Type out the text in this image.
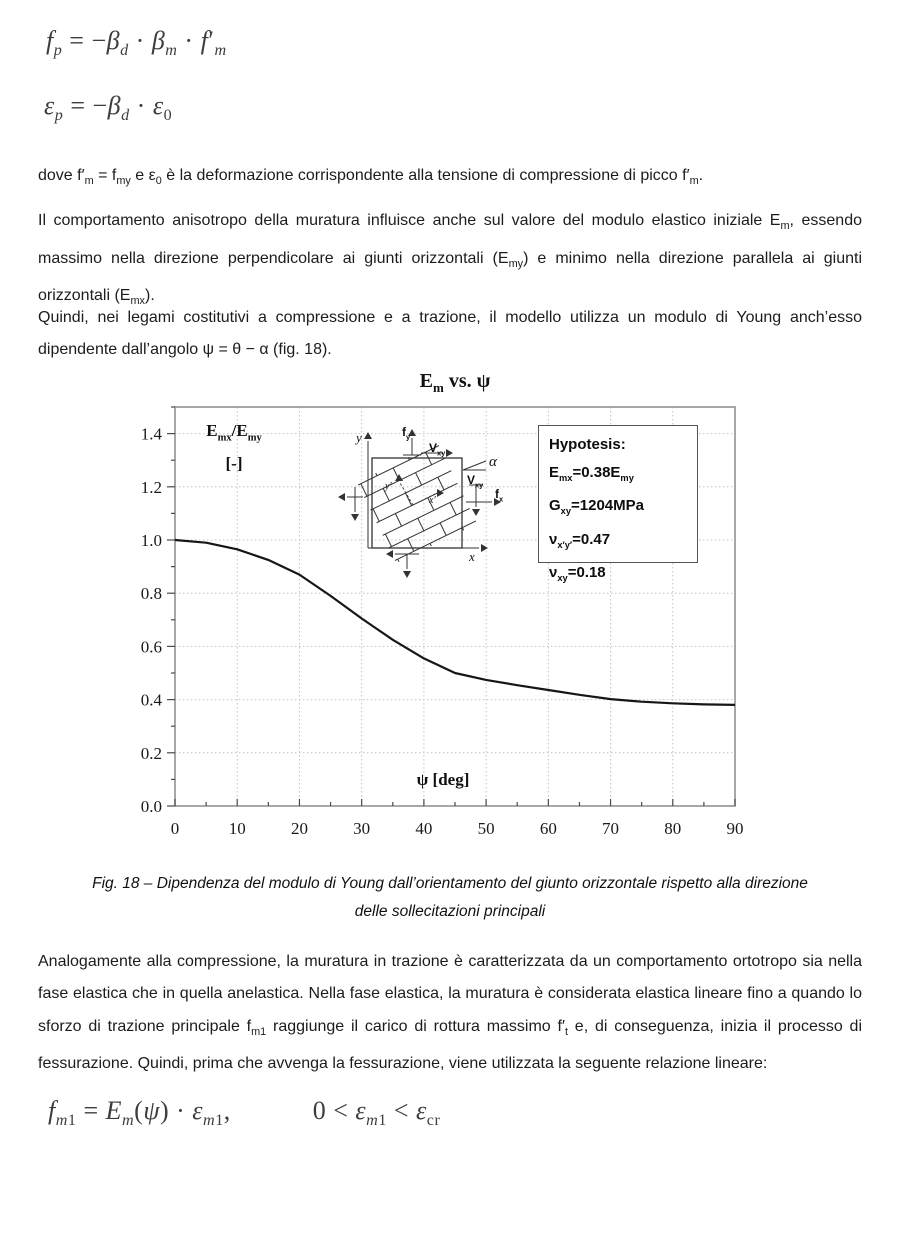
$f_p = -\beta_d \cdot \beta_m \cdot f'_m$
$\varepsilon_p = -\beta_d \cdot \varepsilon_0$

dove $f'_m = f_{my}$ e $\varepsilon_0$ è la deformazione corrispondente alla tensione di compressione di picco $f'_m$.

Il comportamento anisotropo della muratura influisce anche sul valore del modulo elastico iniziale $E_m$, essendo massimo nella direzione perpendicolare ai giunti orizzontali $(E_{my})$ e minimo nella direzione parallela ai giunti orizzontali $(E_{mx})$.

Quindi, nei legami costitutivi a compressione e a trazione, il modello utilizza un modulo di Young anch’esso dipendente dall’angolo ψ = θ − α (fig. 18).

0	10	20	30	40	50	60	70	80	90
0.0
0.2
0.4
0.6
0.8
1.0
1.2
1.4
$E_m$ vs. ψ
$E_{mx}/E_{my}$
[-]
ψ [deg]
Hypotesis:
$E_{mx}=0.38E_{my}$
$G_{xy}=1204MPa$
$\nu_{x'y'}=0.47$
$\nu_{xy}=0.18$
y	$f_y$
$V_{xy}$
α
$V_{xy}$
$f_x$
y′
x′
x
Fig. 18 – Dipendenza del modulo di Young dall’orientamento del giunto orizzontale rispetto alla direzione
delle sollecitazioni principali

Analogamente alla compressione, la muratura in trazione è caratterizzata da un comportamento ortotropo sia nella fase elastica che in quella anelastica. Nella fase elastica, la muratura è considerata elastica lineare fino a quando lo sforzo di trazione principale $f_{m1}$ raggiunge il carico di rottura massimo $f'_t$ e, di conseguenza, inizia il processo di fessurazione. Quindi, prima che avvenga la fessurazione, viene utilizzata la seguente relazione lineare:

$f_{m1} = E_m(\psi) \cdot \varepsilon_{m1}$,	$0 < \varepsilon_{m1} < \varepsilon_{cr}$
